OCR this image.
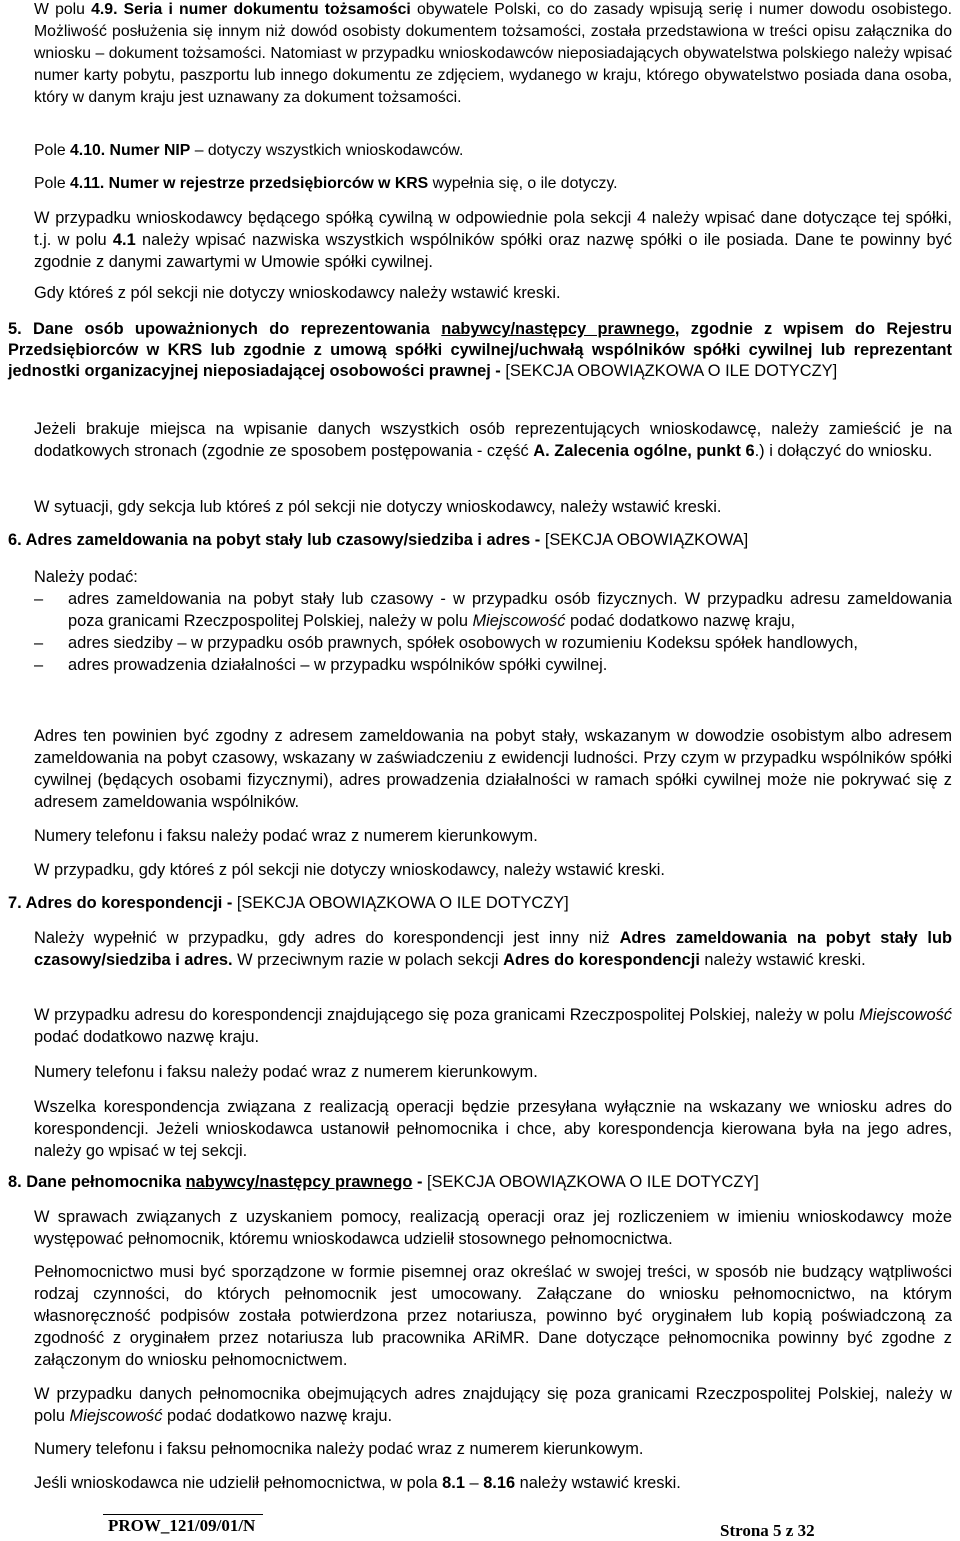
W polu 4.9. Seria i numer dokumentu tożsamości obywatele Polski, co do zasady wpisują serię i numer dowodu osobistego. Możliwość posłużenia się innym niż dowód osobisty dokumentem tożsamości, została przedstawiona w treści opisu załącznika do wniosku – dokument tożsamości. Natomiast w przypadku wnioskodawców nieposiadających obywatelstwa polskiego należy wpisać numer karty pobytu, paszportu lub innego dokumentu ze zdjęciem, wydanego w kraju, którego obywatelstwo posiada dana osoba, który w danym kraju jest uznawany za dokument tożsamości.

Pole 4.10. Numer NIP – dotyczy wszystkich wnioskodawców.

Pole 4.11. Numer w rejestrze przedsiębiorców w KRS wypełnia się, o ile dotyczy.

W przypadku wnioskodawcy będącego spółką cywilną w odpowiednie pola sekcji 4 należy wpisać dane dotyczące tej spółki, t.j. w polu 4.1 należy wpisać nazwiska wszystkich wspólników spółki oraz nazwę spółki o ile posiada. Dane te powinny być zgodnie z danymi zawartymi w Umowie spółki cywilnej.

Gdy któreś z pól sekcji nie dotyczy wnioskodawcy należy wstawić kreski.

5. Dane osób upoważnionych do reprezentowania nabywcy/następcy prawnego, zgodnie z wpisem do Rejestru Przedsiębiorców w KRS lub zgodnie z umową spółki cywilnej/uchwałą wspólników spółki cywilnej lub reprezentant jednostki organizacyjnej nieposiadającej osobowości prawnej - [SEKCJA OBOWIĄZKOWA O ILE DOTYCZY]

Jeżeli brakuje miejsca na wpisanie danych wszystkich osób reprezentujących wnioskodawcę, należy zamieścić je na dodatkowych stronach (zgodnie ze sposobem postępowania - część A. Zalecenia ogólne, punkt 6.) i dołączyć do wniosku.

W sytuacji, gdy sekcja lub któreś z pól sekcji nie dotyczy wnioskodawcy, należy wstawić kreski.

6. Adres zameldowania na pobyt stały lub czasowy/siedziba i adres - [SEKCJA OBOWIĄZKOWA]

Należy podać:

– adres zameldowania na pobyt stały lub czasowy - w przypadku osób fizycznych. W przypadku adresu zameldowania poza granicami Rzeczpospolitej Polskiej, należy w polu Miejscowość podać dodatkowo nazwę kraju,
– adres siedziby – w przypadku osób prawnych, spółek osobowych w rozumieniu Kodeksu spółek handlowych,
– adres prowadzenia działalności – w przypadku wspólników spółki cywilnej.

Adres ten powinien być zgodny z adresem zameldowania na pobyt stały, wskazanym w dowodzie osobistym albo adresem zameldowania na pobyt czasowy, wskazany w zaświadczeniu z ewidencji ludności. Przy czym w przypadku wspólników spółki cywilnej (będących osobami fizycznymi), adres prowadzenia działalności w ramach spółki cywilnej może nie pokrywać się z adresem zameldowania wspólników.

Numery telefonu i faksu należy podać wraz z numerem kierunkowym.

W przypadku, gdy któreś z pól sekcji nie dotyczy wnioskodawcy, należy wstawić kreski.

7. Adres do korespondencji - [SEKCJA OBOWIĄZKOWA O ILE DOTYCZY]

Należy wypełnić w przypadku, gdy adres do korespondencji jest inny niż Adres zameldowania na pobyt stały lub czasowy/siedziba i adres. W przeciwnym razie w polach sekcji Adres do korespondencji należy wstawić kreski.

W przypadku adresu do korespondencji znajdującego się poza granicami Rzeczpospolitej Polskiej, należy w polu Miejscowość podać dodatkowo nazwę kraju.

Numery telefonu i faksu należy podać wraz z numerem kierunkowym.

Wszelka korespondencja związana z realizacją operacji będzie przesyłana wyłącznie na wskazany we wniosku adres do korespondencji. Jeżeli wnioskodawca ustanowił pełnomocnika i chce, aby korespondencja kierowana była na jego adres, należy go wpisać w tej sekcji.

8. Dane pełnomocnika nabywcy/następcy prawnego - [SEKCJA OBOWIĄZKOWA O ILE DOTYCZY]

W sprawach związanych z uzyskaniem pomocy, realizacją operacji oraz jej rozliczeniem w imieniu wnioskodawcy może występować pełnomocnik, któremu wnioskodawca udzielił stosownego pełnomocnictwa.

Pełnomocnictwo musi być sporządzone w formie pisemnej oraz określać w swojej treści, w sposób nie budzący wątpliwości rodzaj czynności, do których pełnomocnik jest umocowany. Załączane do wniosku pełnomocnictwo, na którym własnoręczność podpisów została potwierdzona przez notariusza, powinno być oryginałem lub kopią poświadczoną za zgodność z oryginałem przez notariusza lub pracownika ARiMR. Dane dotyczące pełnomocnika powinny być zgodne z załączonym do wniosku pełnomocnictwem.

W przypadku danych pełnomocnika obejmujących adres znajdujący się poza granicami Rzeczpospolitej Polskiej, należy w polu Miejscowość podać dodatkowo nazwę kraju.

Numery telefonu i faksu pełnomocnika należy podać wraz z numerem kierunkowym.

Jeśli wnioskodawca nie udzielił pełnomocnictwa, w pola 8.1 – 8.16 należy wstawić kreski.

PROW_121/09/01/N	Strona 5 z 32
